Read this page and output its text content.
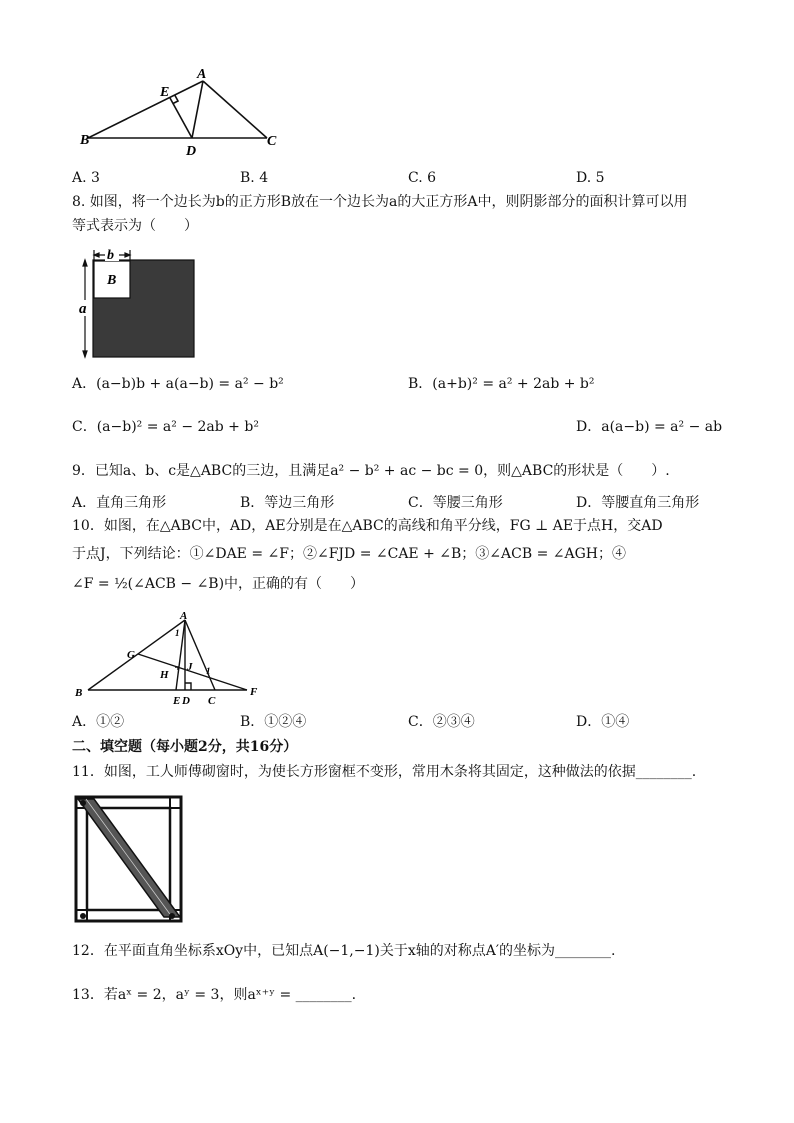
A
E
B
D
C
A. 3	B. 4	C. 6	D. 5
8. 如图，将一个边长为b的正方形B放在一个边长为a的大正方形A中，则阴影部分的面积计算可以用
等式表示为（　　）
b
a
B
A．(a−b)b + a(a−b) = a² − b²	B．(a+b)² = a² + 2ab + b²
C．(a−b)² = a² − 2ab + b²	D．a(a−b) = a² − ab
9．已知a、b、c是△ABC的三边，且满足a² − b² + ac − bc = 0，则△ABC的形状是（　　）.
A．直角三角形	B．等边三角形	C．等腰三角形	D．等腰直角三角形
10．如图，在△ABC中，AD，AE分别是在△ABC的高线和角平分线，FG ⊥ AE于点H，交AD
于点J，下列结论：①∠DAE = ∠F；②∠FJD = ∠CAE + ∠B；③∠ACB = ∠AGH；④
∠F = ½(∠ACB − ∠B)中，正确的有（　　）
A
G
H
J
B
E D C
F
1
1
A．①②	B．①②④	C．②③④	D．①④
二、填空题（每小题2分，共16分）
11．如图，工人师傅砌窗时，为使长方形窗框不变形，常用木条将其固定，这种做法的依据________.
12．在平面直角坐标系xOy中，已知点A(−1,−1)关于x轴的对称点A′的坐标为________.
13．若aˣ = 2，aʸ = 3，则aˣ⁺ʸ = ________.
